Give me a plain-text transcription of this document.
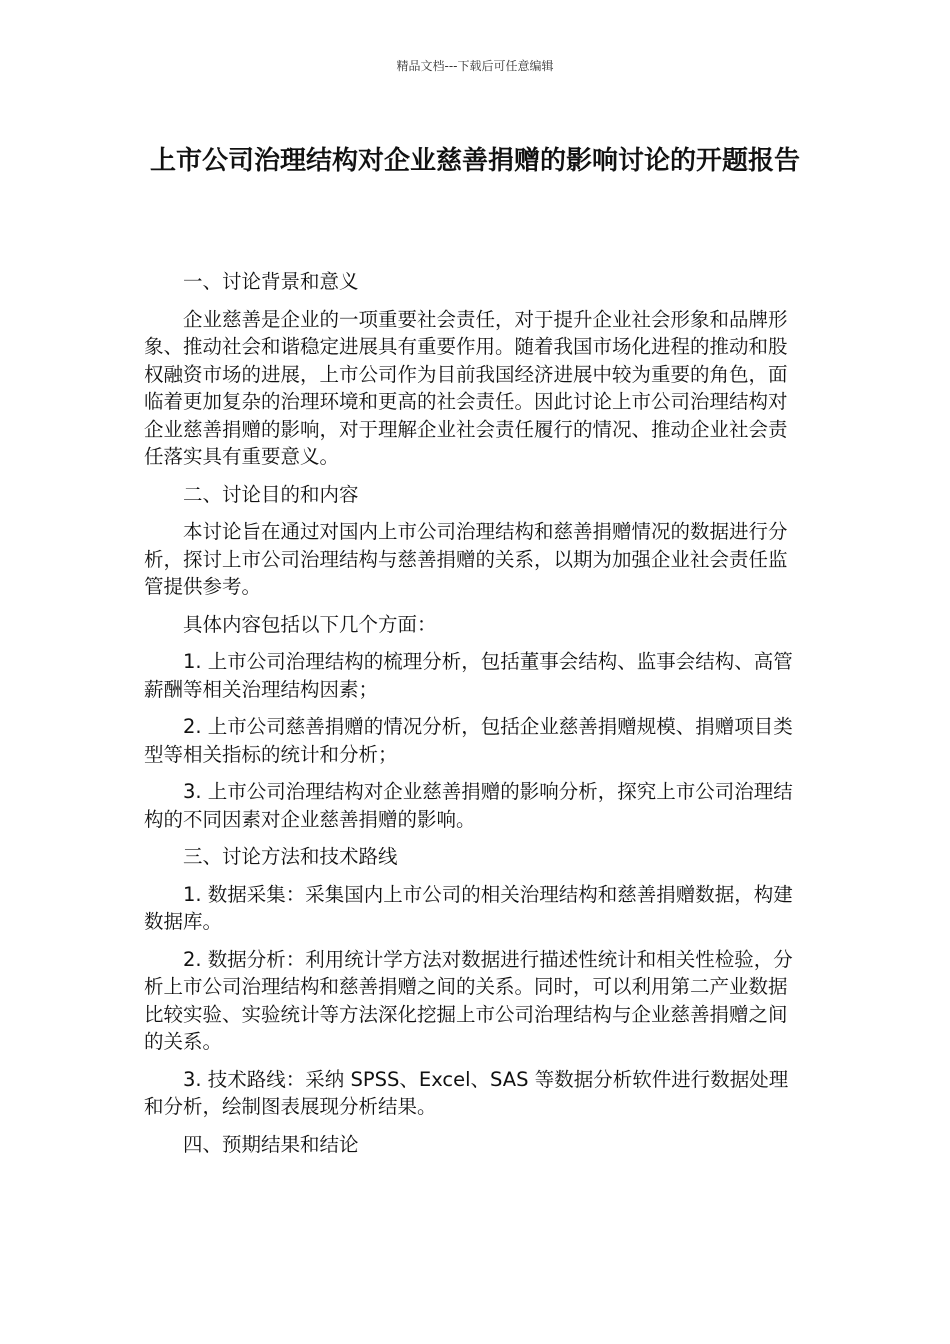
精品文档---下载后可任意编辑
上市公司治理结构对企业慈善捐赠的影响讨论的开题报告

一、讨论背景和意义

企业慈善是企业的一项重要社会责任，对于提升企业社会形象和品牌形象、推动社会和谐稳定进展具有重要作用。随着我国市场化进程的推动和股权融资市场的进展，上市公司作为目前我国经济进展中较为重要的角色，面临着更加复杂的治理环境和更高的社会责任。因此讨论上市公司治理结构对企业慈善捐赠的影响，对于理解企业社会责任履行的情况、推动企业社会责任落实具有重要意义。

二、讨论目的和内容

本讨论旨在通过对国内上市公司治理结构和慈善捐赠情况的数据进行分析，探讨上市公司治理结构与慈善捐赠的关系，以期为加强企业社会责任监管提供参考。

具体内容包括以下几个方面：

1. 上市公司治理结构的梳理分析，包括董事会结构、监事会结构、高管薪酬等相关治理结构因素；

2. 上市公司慈善捐赠的情况分析，包括企业慈善捐赠规模、捐赠项目类型等相关指标的统计和分析；

3. 上市公司治理结构对企业慈善捐赠的影响分析，探究上市公司治理结构的不同因素对企业慈善捐赠的影响。

三、讨论方法和技术路线

1. 数据采集：采集国内上市公司的相关治理结构和慈善捐赠数据，构建数据库。

2. 数据分析：利用统计学方法对数据进行描述性统计和相关性检验，分析上市公司治理结构和慈善捐赠之间的关系。同时，可以利用第二产业数据比较实验、实验统计等方法深化挖掘上市公司治理结构与企业慈善捐赠之间的关系。

3. 技术路线：采纳 SPSS、Excel、SAS 等数据分析软件进行数据处理和分析，绘制图表展现分析结果。

四、预期结果和结论
